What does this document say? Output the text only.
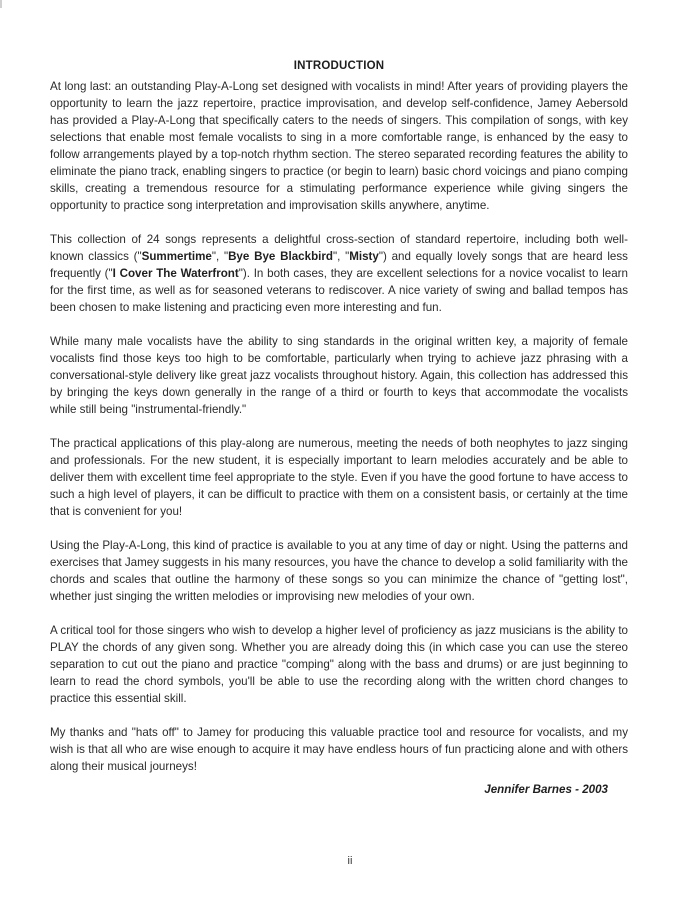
INTRODUCTION

At long last: an outstanding Play-A-Long set designed with vocalists in mind! After years of providing players the opportunity to learn the jazz repertoire, practice improvisation, and develop self-confidence, Jamey Aebersold has provided a Play-A-Long that specifically caters to the needs of singers. This compilation of songs, with key selections that enable most female vocalists to sing in a more comfortable range, is enhanced by the easy to follow arrangements played by a top-notch rhythm section. The stereo separated recording features the ability to eliminate the piano track, enabling singers to practice (or begin to learn) basic chord voicings and piano comping skills, creating a tremendous resource for a stimulating performance experience while giving singers the opportunity to practice song interpretation and improvisation skills anywhere, anytime.

This collection of 24 songs represents a delightful cross-section of standard repertoire, including both well-known classics ("Summertime", "Bye Bye Blackbird", "Misty") and equally lovely songs that are heard less frequently ("I Cover The Waterfront"). In both cases, they are excellent selections for a novice vocalist to learn for the first time, as well as for seasoned veterans to rediscover. A nice variety of swing and ballad tempos has been chosen to make listening and practicing even more interesting and fun.

While many male vocalists have the ability to sing standards in the original written key, a majority of female vocalists find those keys too high to be comfortable, particularly when trying to achieve jazz phrasing with a conversational-style delivery like great jazz vocalists throughout history. Again, this collection has addressed this by bringing the keys down generally in the range of a third or fourth to keys that accommodate the vocalists while still being "instrumental-friendly."

The practical applications of this play-along are numerous, meeting the needs of both neophytes to jazz singing and professionals. For the new student, it is especially important to learn melodies accurately and be able to deliver them with excellent time feel appropriate to the style. Even if you have the good fortune to have access to such a high level of players, it can be difficult to practice with them on a consistent basis, or certainly at the time that is convenient for you!

Using the Play-A-Long, this kind of practice is available to you at any time of day or night. Using the patterns and exercises that Jamey suggests in his many resources, you have the chance to develop a solid familiarity with the chords and scales that outline the harmony of these songs so you can minimize the chance of "getting lost", whether just singing the written melodies or improvising new melodies of your own.

A critical tool for those singers who wish to develop a higher level of proficiency as jazz musicians is the ability to PLAY the chords of any given song. Whether you are already doing this (in which case you can use the stereo separation to cut out the piano and practice "comping" along with the bass and drums) or are just beginning to learn to read the chord symbols, you'll be able to use the recording along with the written chord changes to practice this essential skill.

My thanks and "hats off" to Jamey for producing this valuable practice tool and resource for vocalists, and my wish is that all who are wise enough to acquire it may have endless hours of fun practicing alone and with others along their musical journeys!

Jennifer Barnes - 2003
ii
